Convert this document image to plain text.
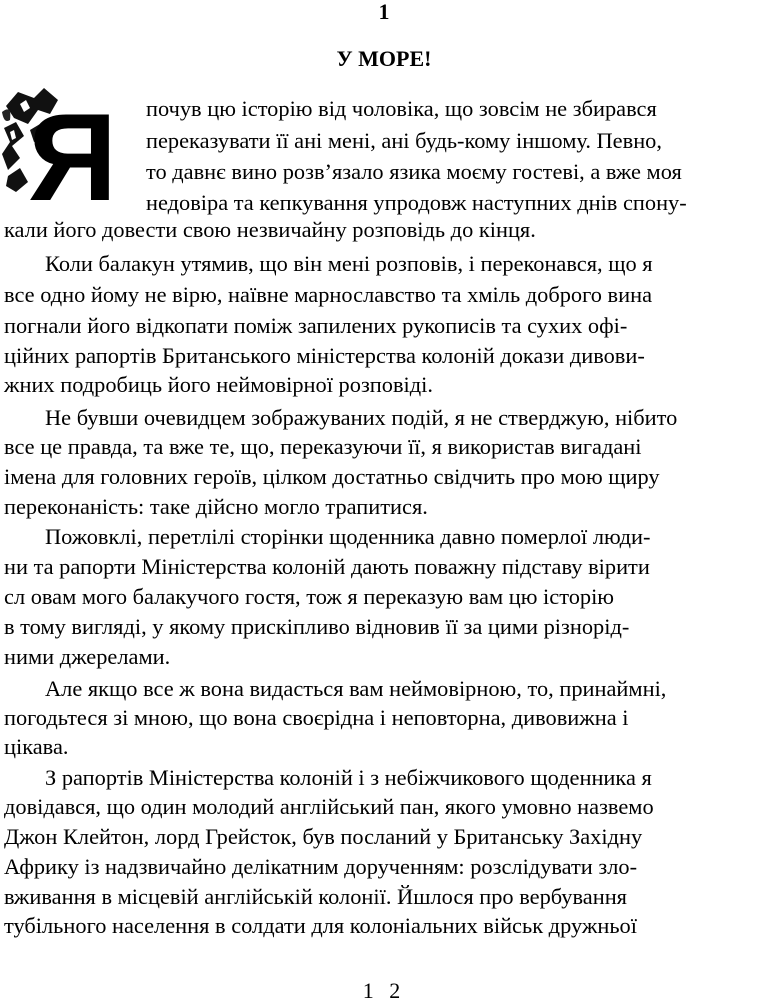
1
У МОРЕ!
Я почув цю історію від чоловіка, що зовсім не збирався
переказувати її ані мені, ані будь-кому іншому. Певно,
то давнє вино розв’язало язика моєму гостеві, а вже моя
недовіра та кепкування упродовж наступних днів спону-
кали його довести свою незвичайну розповідь до кінця.
Коли балакун утямив, що він мені розповів, і переконався, що я
все одно йому не вірю, наївне марнославство та хміль доброго вина
погнали його відкопати поміж запилених рукописів та сухих офі-
ційних рапортів Британського міністерства колоній докази дивови-
жних подробиць його неймовірної розповіді.
Не бувши очевидцем зображуваних подій, я не стверджую, нібито
все це правда, та вже те, що, переказуючи її, я використав вигадані
імена для головних героїв, цілком достатньо свідчить про мою щиру
переконаність: таке дійсно могло трапитися.
Пожовклі, перетлілі сторінки щоденника давно померлої люди-
ни та рапорти Міністерства колоній дають поважну підставу вірити
сл овам мого балакучого гостя, тож я переказую вам цю історію
в тому вигляді, у якому прискіпливо відновив її за цими різнорід-
ними джерелами.
Але якщо все ж вона видасться вам неймовірною, то, принаймні,
погодьтеся зі мною, що вона своєрідна і неповторна, дивовижна і
цікава.
З рапортів Міністерства колоній і з небіжчикового щоденника я
довідався, що один молодий англійський пан, якого умовно назвемо
Джон Клейтон, лорд Грейсток, був посланий у Британську Західну
Африку із надзвичайно делікатним дорученням: розслідувати зло-
вживання в місцевій англійській колонії. Йшлося про вербування
тубільного населення в солдати для колоніальних військ дружньої
1 2
